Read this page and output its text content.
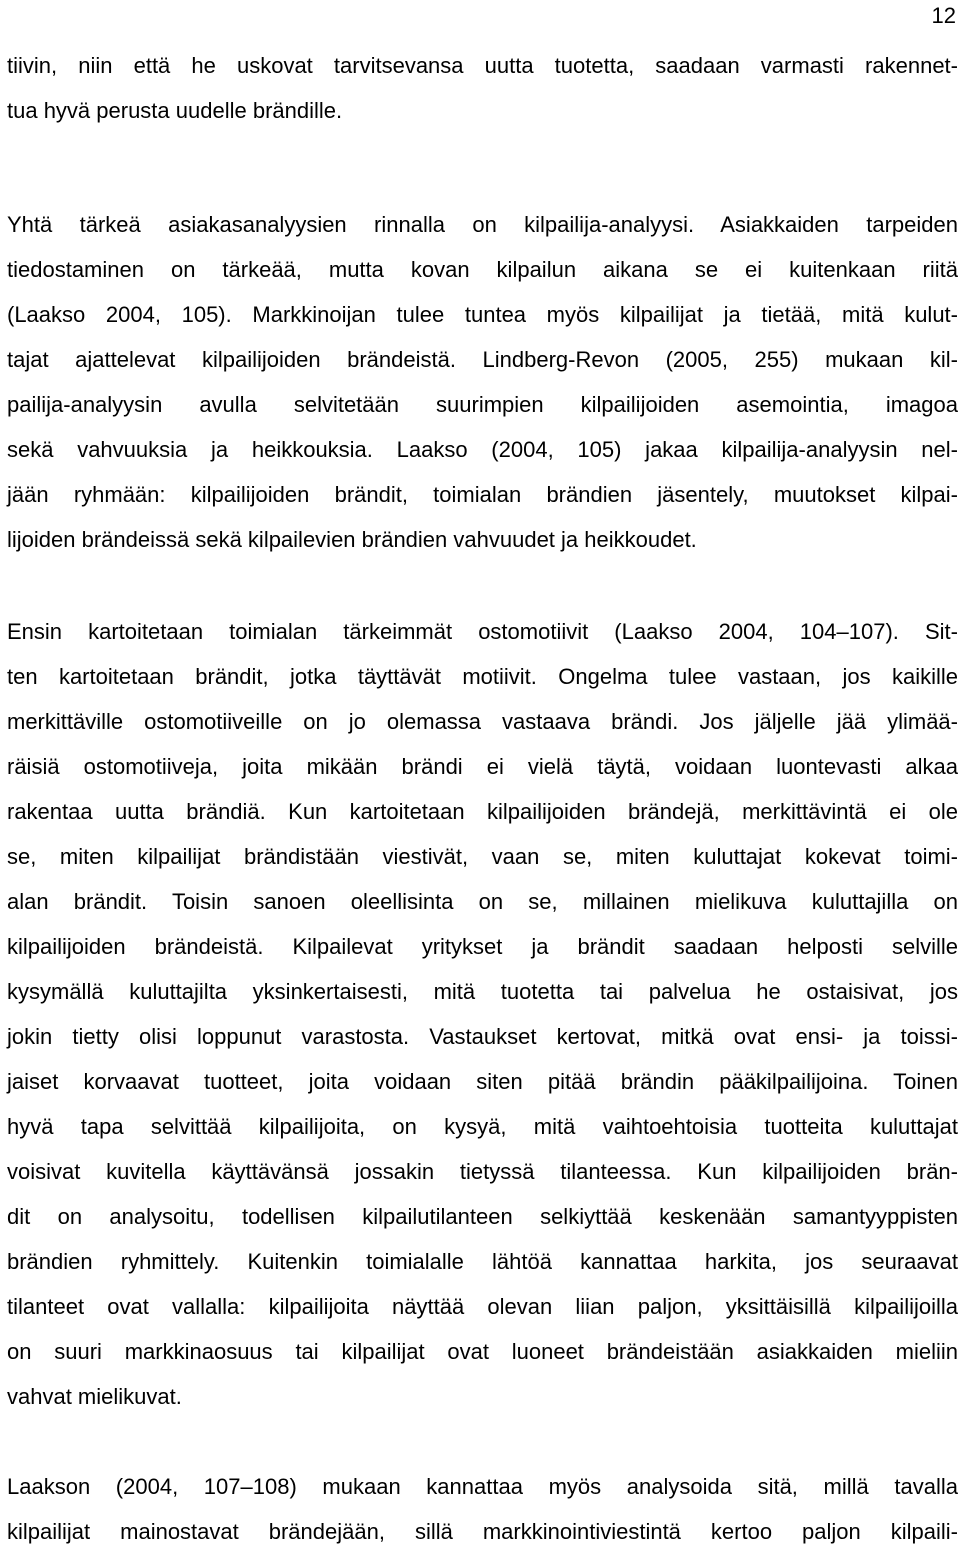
12
tiivin, niin että he uskovat tarvitsevansa uutta tuotetta, saadaan varmasti rakennet-
tua hyvä perusta uudelle brändille.
Yhtä tärkeä asiakasanalyysien rinnalla on kilpailija-analyysi. Asiakkaiden tarpeiden
tiedostaminen on tärkeää, mutta kovan kilpailun aikana se ei kuitenkaan riitä
(Laakso 2004, 105). Markkinoijan tulee tuntea myös kilpailijat ja tietää, mitä kulut-
tajat ajattelevat kilpailijoiden brändeistä. Lindberg-Revon (2005, 255) mukaan kil-
pailija-analyysin avulla selvitetään suurimpien kilpailijoiden asemointia, imagoa
sekä vahvuuksia ja heikkouksia. Laakso (2004, 105) jakaa kilpailija-analyysin nel-
jään ryhmään: kilpailijoiden brändit, toimialan brändien jäsentely, muutokset kilpai-
lijoiden brändeissä sekä kilpailevien brändien vahvuudet ja heikkoudet.
Ensin kartoitetaan toimialan tärkeimmät ostomotiivit (Laakso 2004, 104–107). Sit-
ten kartoitetaan brändit, jotka täyttävät motiivit. Ongelma tulee vastaan, jos kaikille
merkittäville ostomotiiveille on jo olemassa vastaava brändi. Jos jäljelle jää ylimää-
räisiä ostomotiiveja, joita mikään brändi ei vielä täytä, voidaan luontevasti alkaa
rakentaa uutta brändiä. Kun kartoitetaan kilpailijoiden brändejä, merkittävintä ei ole
se, miten kilpailijat brändistään viestivät, vaan se, miten kuluttajat kokevat toimi-
alan brändit. Toisin sanoen oleellisinta on se, millainen mielikuva kuluttajilla on
kilpailijoiden brändeistä. Kilpailevat yritykset ja brändit saadaan helposti selville
kysymällä kuluttajilta yksinkertaisesti, mitä tuotetta tai palvelua he ostaisivat, jos
jokin tietty olisi loppunut varastosta. Vastaukset kertovat, mitkä ovat ensi- ja toissi-
jaiset korvaavat tuotteet, joita voidaan siten pitää brändin pääkilpailijoina. Toinen
hyvä tapa selvittää kilpailijoita, on kysyä, mitä vaihtoehtoisia tuotteita kuluttajat
voisivat kuvitella käyttävänsä jossakin tietyssä tilanteessa. Kun kilpailijoiden brän-
dit on analysoitu, todellisen kilpailutilanteen selkiyttää keskenään samantyyppisten
brändien ryhmittely. Kuitenkin toimialalle lähtöä kannattaa harkita, jos seuraavat
tilanteet ovat vallalla: kilpailijoita näyttää olevan liian paljon, yksittäisillä kilpailijoilla
on suuri markkinaosuus tai kilpailijat ovat luoneet brändeistään asiakkaiden mieliin
vahvat mielikuvat.
Laakson (2004, 107–108) mukaan kannattaa myös analysoida sitä, millä tavalla
kilpailijat mainostavat brändejään, sillä markkinointiviestintä kertoo paljon kilpaili-
